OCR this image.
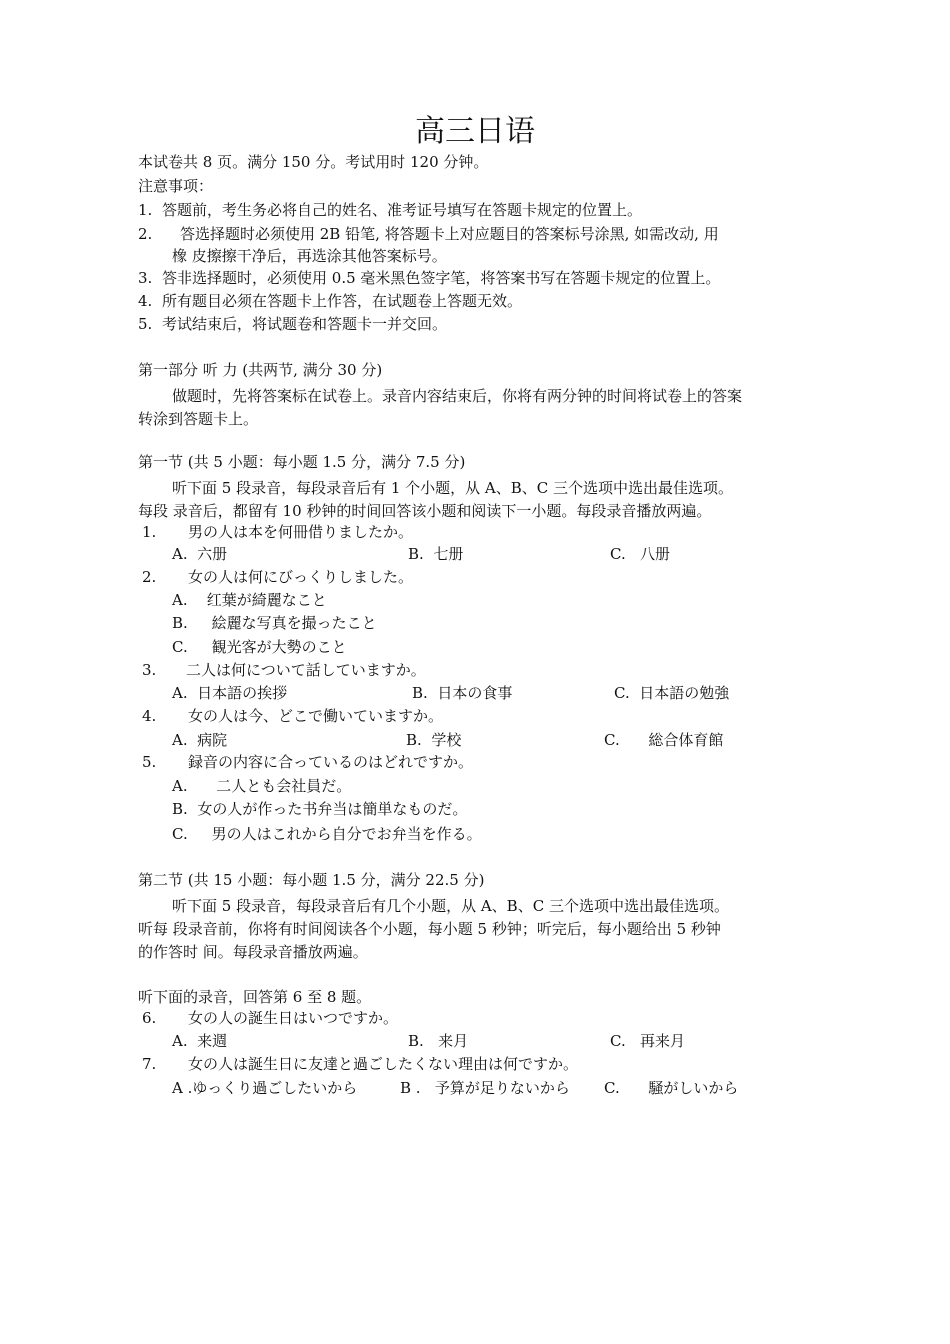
高三日语
本试卷共 8 页。满分 150 分。考试用时 120 分钟。
注意事项：
1. 答题前，考生务必将自己的姓名、准考证号填写在答题卡规定的位置上。
2. 答选择题时必须使用 2B 铅笔, 将答题卡上对应题目的答案标号涂黑, 如需改动, 用
橡 皮擦擦干净后，再选涂其他答案标号。
3. 答非选择题时，必须使用 0.5 毫米黑色签字笔，将答案书写在答题卡规定的位置上。
4. 所有题目必须在答题卡上作答，在试题卷上答题无效。
5. 考试结束后，将试题卷和答题卡一并交回。
第一部分 听 力 (共两节, 满分 30 分)
做题时，先将答案标在试卷上。录音内容结束后，你将有两分钟的时间将试卷上的答案
转涂到答题卡上。
第一节 (共 5 小题：每小题 1.5 分，满分 7.5 分)
听下面 5 段录音，每段录音后有 1 个小题，从 A、B、C 三个选项中选出最佳选项。
每段 录音后，都留有 10 秒钟的时间回答该小题和阅读下一小题。每段录音播放两遍。
1. 男の人は本を何冊借りましたか。
A. 六册	B. 七册	C. 八册
2. 女の人は何にびっくりしました。
A. 红葉が綺麗なこと
B. 絵麗な写真を撮ったこと
C. 観光客が大勢のこと
3. 二人は何について話していますか。
A. 日本語の挨拶	B. 日本の食事	C. 日本語の勉強
4. 女の人は今、どこで働いていますか。
A. 病院	B. 学校	C. 総合体育館
5. 録音の内容に合っているのはどれですか。
A. 二人とも会社員だ。
B. 女の人が作った书弁当は簡単なものだ。
C. 男の人はこれから自分でお弁当を作る。
第二节 (共 15 小题：每小题 1.5 分，满分 22.5 分)
听下面 5 段录音，每段录音后有几个小题，从 A、B、C 三个选项中选出最佳选项。
听每 段录音前，你将有时间阅读各个小题，每小题 5 秒钟；听完后，每小题给出 5 秒钟
的作答时 间。每段录音播放两遍。
听下面的录音，回答第 6 至 8 题。
6. 女の人の誕生日はいつですか。
A. 来週	B. 来月	C. 再来月
7. 女の人は誕生日に友達と過ごしたくない理由は何ですか。
A .ゆっくり過ごしたいから	B . 予算が足りないから C. 騒がしいから
